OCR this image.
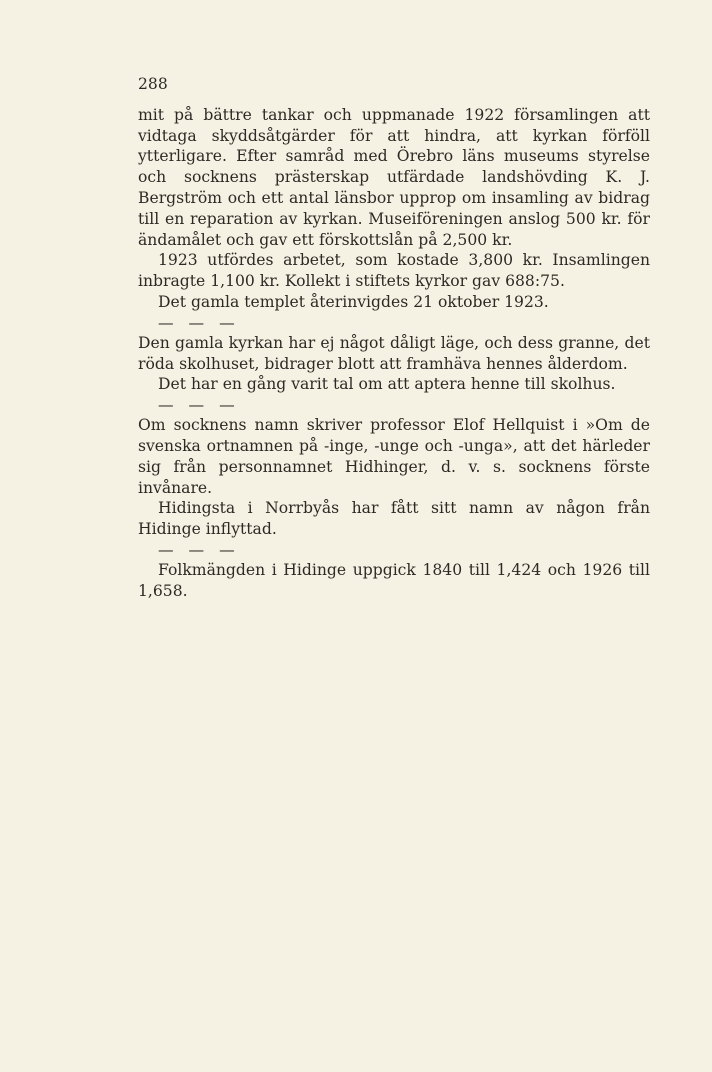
288

mit på bättre tankar och uppmanade 1922 församlingen att vidtaga skyddsåtgärder för att hindra, att kyrkan förföll ytterligare. Efter samråd med Örebro läns museums styrelse och socknens prästerskap utfärdade landshövding K. J. Bergström och ett antal länsbor upprop om insamling av bidrag till en reparation av kyrkan. Museiföreningen anslog 500 kr. för ändamålet och gav ett förskottslån på 2,500 kr.

1923 utfördes arbetet, som kostade 3,800 kr. Insamlingen inbragte 1,100 kr. Kollekt i stiftets kyrkor gav 688:75.

Det gamla templet återinvigdes 21 oktober 1923.

— — —

Den gamla kyrkan har ej något dåligt läge, och dess granne, det röda skolhuset, bidrager blott att framhäva hennes ålderdom.

Det har en gång varit tal om att aptera henne till skolhus.

— — —

Om socknens namn skriver professor Elof Hellquist i »Om de svenska ortnamnen på -inge, -unge och -unga», att det härleder sig från personnamnet Hidhinger, d. v. s. socknens förste invånare.

Hidingsta i Norrbyås har fått sitt namn av någon från Hidinge inflyttad.

— — —

Folkmängden i Hidinge uppgick 1840 till 1,424 och 1926 till 1,658.
